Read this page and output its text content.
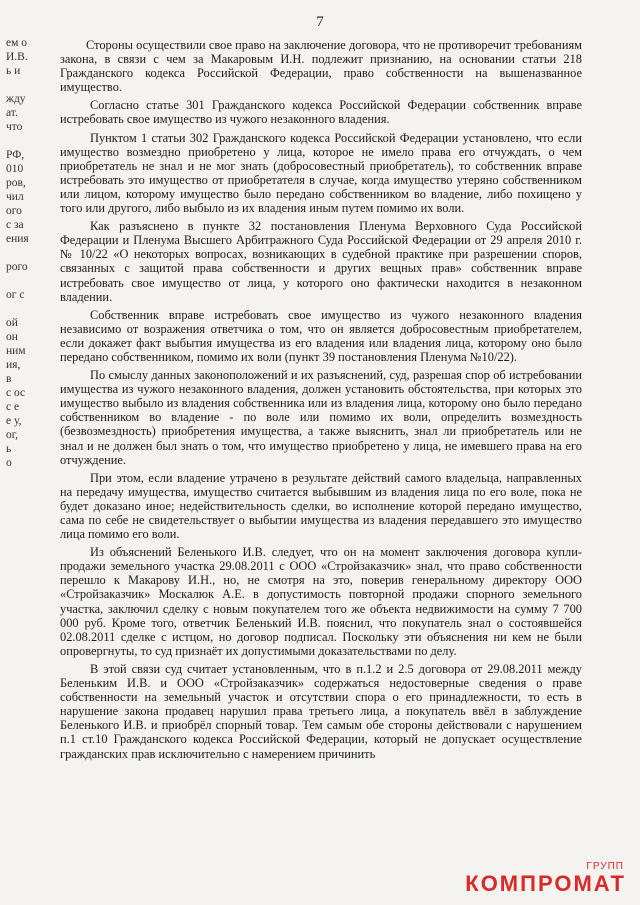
7
ем о
И.В.
ь и
жду
ат.
что
РФ,
010
ров,
чил
ого
с за
ения
рого
ог с
ой
он
ним
ия,
в
с ос
с е
е у,
ог,
ь
о

Стороны осуществили свое право на заключение договора, что не противоречит требованиям закона, в связи с чем за Макаровым И.Н. подлежит признанию, на основании статьи 218 Гражданского кодекса Российской Федерации, право собственности на вышеназванное имущество.

Согласно статье 301 Гражданского кодекса Российской Федерации собственник вправе истребовать свое имущество из чужого незаконного владения.

Пунктом 1 статьи 302 Гражданского кодекса Российской Федерации установлено, что если имущество возмездно приобретено у лица, которое не имело права его отчуждать, о чем приобретатель не знал и не мог знать (добросовестный приобретатель), то собственник вправе истребовать это имущество от приобретателя в случае, когда имущество утеряно собственником или лицом, которому имущество было передано собственником во владение, либо похищено у того или другого, либо выбыло из их владения иным путем помимо их воли.

Как разъяснено в пункте 32 постановления Пленума Верховного Суда Российской Федерации и Пленума Высшего Арбитражного Суда Российской Федерации от 29 апреля 2010 г. № 10/22 «О некоторых вопросах, возникающих в судебной практике при разрешении споров, связанных с защитой права собственности и других вещных прав» собственник вправе истребовать свое имущество от лица, у которого оно фактически находится в незаконном владении.

Собственник вправе истребовать свое имущество из чужого незаконного владения независимо от возражения ответчика о том, что он является добросовестным приобретателем, если докажет факт выбытия имущества из его владения или владения лица, которому оно было передано собственником, помимо их воли (пункт 39 постановления Пленума №10/22).

По смыслу данных законоположений и их разъяснений, суд, разрешая спор об истребовании имущества из чужого незаконного владения, должен установить обстоятельства, при которых это имущество выбыло из владения собственника или из владения лица, которому оно было передано собственником во владение - по воле или помимо их воли, определить возмездность (безвозмездность) приобретения имущества, а также выяснить, знал ли приобретатель или не знал и не должен был знать о том, что имущество приобретено у лица, не имевшего права на его отчуждение.

При этом, если владение утрачено в результате действий самого владельца, направленных на передачу имущества, имущество считается выбывшим из владения лица по его воле, пока не будет доказано иное; недействительность сделки, во исполнение которой передано имущество, сама по себе не свидетельствует о выбытии имущества из владения передавшего это имущество лица помимо его воли.

Из объяснений Беленького И.В. следует, что он на момент заключения договора купли-продажи земельного участка 29.08.2011 с ООО «Стройзаказчик» знал, что право собственности перешло к Макарову И.Н., но, не смотря на это, поверив генеральному директору ООО «Стройзаказчик» Москалюк А.Е. в допустимость повторной продажи спорного земельного участка, заключил сделку с новым покупателем того же объекта недвижимости на сумму 7 700 000 руб. Кроме того, ответчик Беленький И.В. пояснил, что покупатель знал о состоявшейся 02.08.2011 сделке с истцом, но договор подписал. Поскольку эти объяснения ни кем не были опровергнуты, то суд признаёт их допустимыми доказательствами по делу.

В этой связи суд считает установленным, что в п.1.2 и 2.5 договора от 29.08.2011 между Беленьким И.В. и ООО «Стройзаказчик» содержаться недостоверные сведения о праве собственности на земельный участок и отсутствии спора о его принадлежности, то есть в нарушение закона продавец нарушил права третьего лица, а покупатель ввёл в заблуждение Беленького И.В. и приобрёл спорный товар. Тем самым обе стороны действовали с нарушением п.1 ст.10 Гражданского кодекса Российской Федерации, который не допускает осуществление гражданских прав исключительно с намерением причинить

ГРУПП
КОМПРОМАТ
